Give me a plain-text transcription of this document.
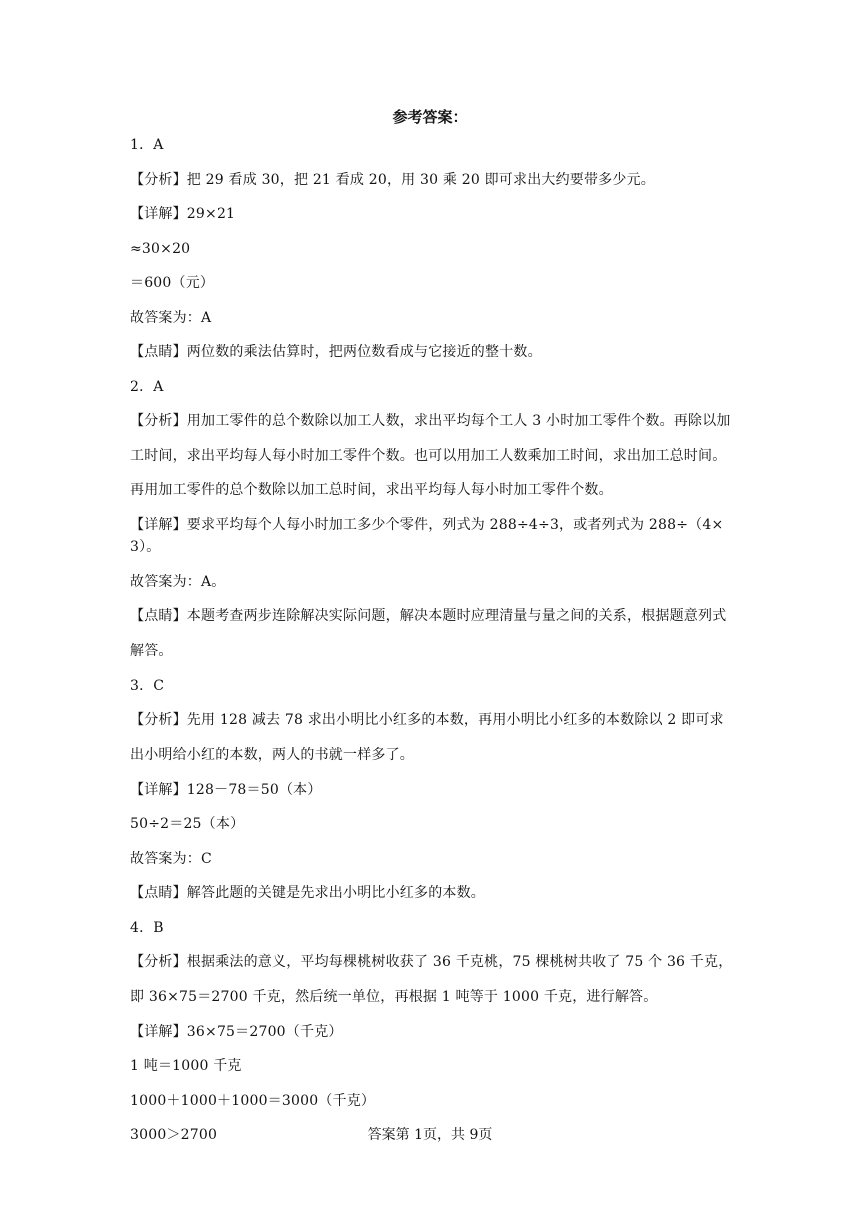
参考答案：
1．A
【分析】把 29 看成 30，把 21 看成 20，用 30 乘 20 即可求出大约要带多少元。
【详解】29×21
≈30×20
＝600（元）
故答案为：A
【点睛】两位数的乘法估算时，把两位数看成与它接近的整十数。
2．A
【分析】用加工零件的总个数除以加工人数，求出平均每个工人 3 小时加工零件个数。再除以加工时间，求出平均每人每小时加工零件个数。也可以用加工人数乘加工时间，求出加工总时间。再用加工零件的总个数除以加工总时间，求出平均每人每小时加工零件个数。
【详解】要求平均每个人每小时加工多少个零件，列式为 288÷4÷3，或者列式为 288÷（4×3）。
故答案为：A。
【点睛】本题考查两步连除解决实际问题，解决本题时应理清量与量之间的关系，根据题意列式解答。
3．C
【分析】先用 128 减去 78 求出小明比小红多的本数，再用小明比小红多的本数除以 2 即可求出小明给小红的本数，两人的书就一样多了。
【详解】128－78＝50（本）
50÷2＝25（本）
故答案为：C
【点睛】解答此题的关键是先求出小明比小红多的本数。
4．B
【分析】根据乘法的意义，平均每棵桃树收获了 36 千克桃，75 棵桃树共收了 75 个 36 千克，即 36×75＝2700 千克，然后统一单位，再根据 1 吨等于 1000 千克，进行解答。
【详解】36×75＝2700（千克）
1 吨＝1000 千克
1000＋1000＋1000＝3000（千克）
3000＞2700	答案第 1页，共 9页
